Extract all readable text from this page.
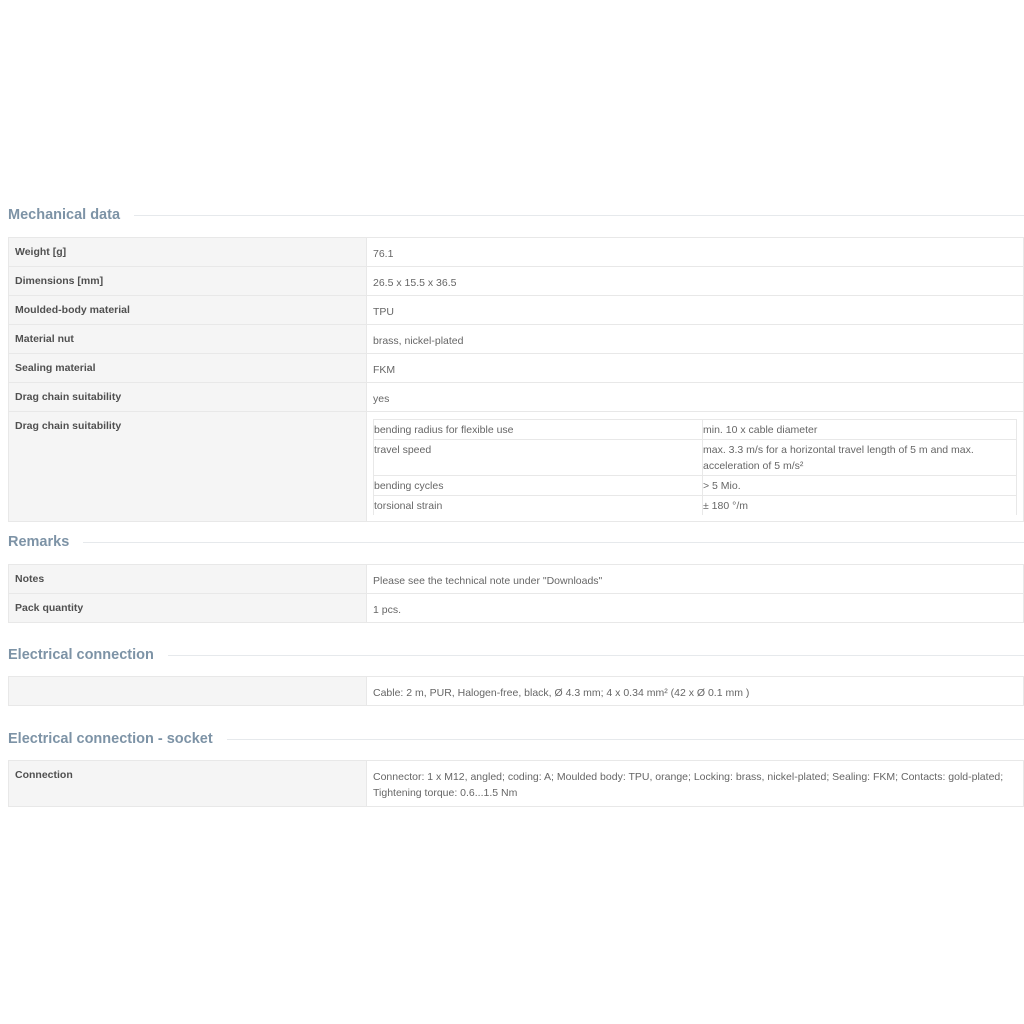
Mechanical data
Weight [g]	76.1
Dimensions [mm]	26.5 x 15.5 x 36.5
Moulded-body material	TPU
Material nut	brass, nickel-plated
Sealing material	FKM
Drag chain suitability	yes
Drag chain suitability		bending radius for flexible use	min. 10 x cable diameter
travel speed	max. 3.3 m/s for a horizontal travel length of 5 m and max. acceleration of 5 m/s²
bending cycles	> 5 Mio.
torsional strain	± 180 °/m
Remarks
Notes	Please see the technical note under "Downloads"
Pack quantity	1 pcs.
Electrical connection
	Cable: 2 m, PUR, Halogen-free, black, Ø 4.3 mm; 4 x 0.34 mm² (42 x Ø 0.1 mm )
Electrical connection - socket
Connection	Connector: 1 x M12, angled; coding: A; Moulded body: TPU, orange; Locking: brass, nickel-plated; Sealing: FKM; Contacts: gold-plated; Tightening torque: 0.6...1.5 Nm
